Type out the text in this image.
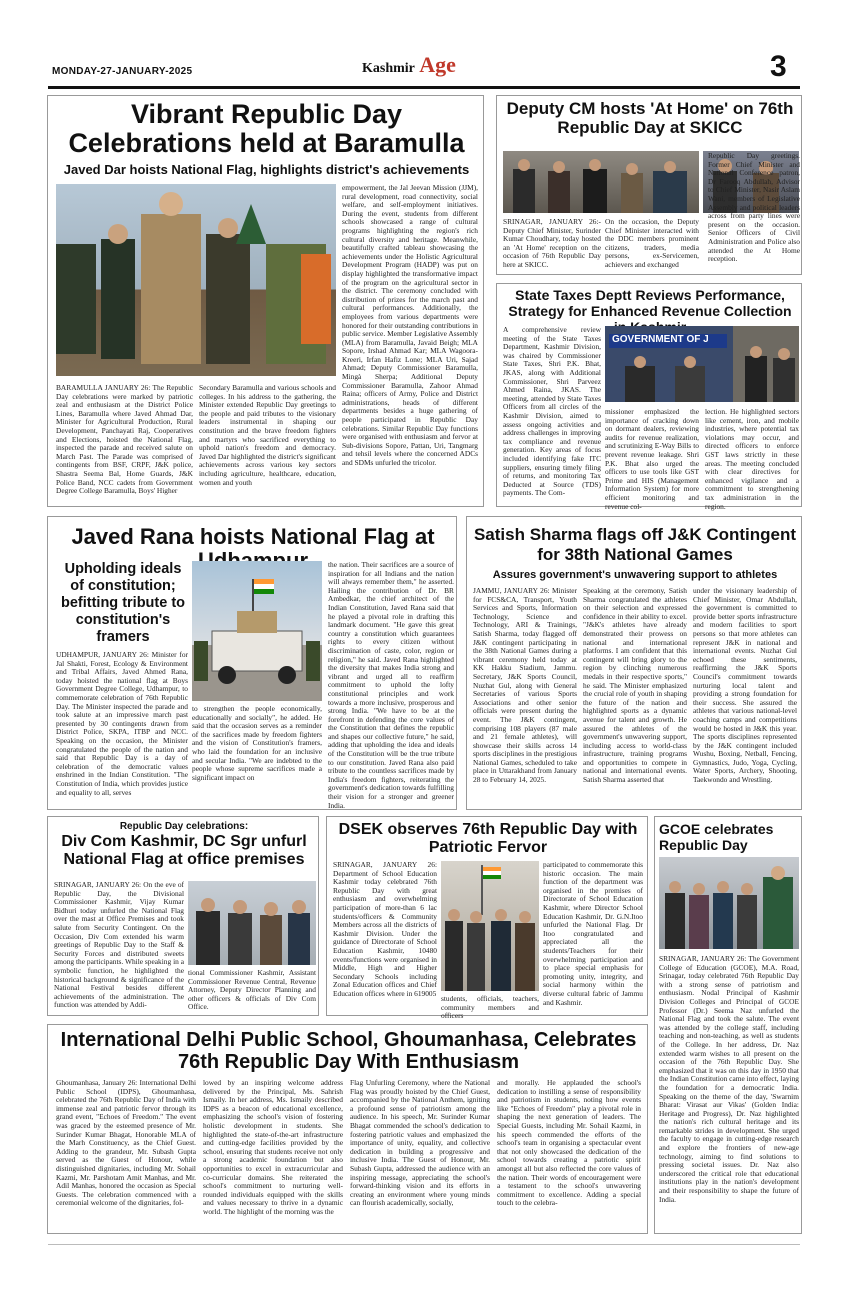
MONDAY-27-JANUARY-2025	Kashmir Age	3
Vibrant Republic Day Celebrations held at Baramulla
Javed Dar hoists National Flag, highlights district's achievements
BARAMULLA JANUARY 26: The Republic Day celebrations were marked by patriotic zeal and enthusiasm at the District Police Lines, Baramulla where Javed Ahmad Dar, Minister for Agricultural Production, Rural Development, Panchayati Raj, Cooperatives and Elections, hoisted the National Flag, inspected the parade and received salute on March Past. The Parade was comprised of contingents from BSF, CRPF, J&K police, Shastra Seema Bal, Home Guards, J&K Police Band, NCC cadets from Government Degree College Baramulla, Boys' Higher
Secondary Baramulla and various schools and colleges. In his address to the gathering, the Minister extended Republic Day greetings to the people and paid tributes to the visionary leaders instrumental in shaping our constitution and the brave freedom fighters and martyrs who sacrificed everything to uphold nation's freedom and democracy. Javed Dar highlighted the district's significant achievements across various key sectors including agriculture, healthcare, education, women and youth
empowerment, the Jal Jeevan Mission (JJM), rural development, road connectivity, social welfare, and self-employment initiatives. During the event, students from different schools showcased a range of cultural programs highlighting the region's rich cultural diversity and heritage. Meanwhile, beautifully crafted tableau showcasing the achievements under the Holistic Agricultural Development Program (HADP) was put on display highlighted the transformative impact of the program on the agricultural sector in the district. The ceremony concluded with distribution of prizes for the march past and cultural performances. Additionally, the employees from various departments were honored for their outstanding contributions in public service. Member Legislative Assembly (MLA) from Baramulla, Javaid Beigh; MLA Sopore, Irshad Ahmad Kar; MLA Wagoora-Kreeri, Irfan Hafiz Lone; MLA Uri, Sajad Ahmad; Deputy Commissioner Baramulla, Mingà Sherpa; Additional Deputy Commissioner Baramulla, Zahoor Ahmad Raina; officers of Army, Police and District administrations, heads of different departments besides a huge gathering of people participated in Republic Day celebrations. Similar Republic Day functions were organised with enthusiasm and fervor at Sub-divisions Sopore, Pattan, Uri, Tangmarg and tehsil levels where the concerned ADCs and SDMs unfurled the tricolor.
Deputy CM hosts 'At Home' on 76th Republic Day at SKICC
SRINAGAR, JANUARY 26:- Deputy Chief Minister, Surinder Kumar Choudhary, today hosted an 'At Home' reception on the occasion of 76th Republic Day here at SKICC.
On the occasion, the Deputy Chief Minister interacted with the DDC members prominent citizens, traders, media persons, ex-Servicemen, achievers and exchanged
Republic Day greetings. Former Chief Minister and National Conference patron, Dr Farooq Abdullah, Advisor to Chief Minister, Nasir Aslam Wani, members of Legislative Assembly and political leaders across from party lines were present on the occasion. Senior Officers of Civil Administration and Police also attended the At Home reception.
State Taxes Deptt Reviews Performance, Strategy for Enhanced Revenue Collection
A comprehensive review meeting of the State Taxes Department, Kashmir Division, was chaired by Commissioner State Taxes, Shri P.K. Bhat, JKAS, along with Additional Commissioner, Shri Parveez Ahmed Raina, JKAS. The meeting, attended by State Taxes Officers from all circles of the Kashmir Division, aimed to assess ongoing activities and address challenges in improving tax compliance and revenue generation. Key areas of focus included identifying fake ITC suppliers, ensuring timely filing of returns, and monitoring Tax Deducted at Source (TDS) payments. The Com-
GOVERNMENT OF J
missioner emphasized the importance of cracking down on dormant dealers, reviewing audits for revenue realization, and scrutinizing E-Way Bills to prevent revenue leakage. Shri P.K. Bhat also urged the officers to use tools like GST Prime and HIS (Management Information System) for more efficient monitoring and revenue col-
lection. He highlighted sectors like cement, iron, and mobile industries, where potential tax violations may occur, and directed officers to enforce GST laws strictly in these areas. The meeting concluded with clear directives for enhanced vigilance and a commitment to strengthening tax administration in the region.
Javed Rana hoists National Flag at
Upholding ideals of constitution; befitting tribute to constitution's framers
UDHAMPUR, JANUARY 26: Minister for Jal Shakti, Forest, Ecology & Environment and Tribal Affairs, Javed Ahmed Rana, today hoisted the national flag at Boys Government Degree College, Udhampur, to commemorate celebration of 76th Republic Day. The Minister inspected the parade and took salute at an impressive march past presented by 30 contingents drawn from District Police, SKPA, ITBP and NCC. Speaking on the occasion, the Minister congratulated the people of the nation and said that Republic Day is a day of celebration of the democratic values enshrined in the Indian Constitution. "The Constitution of India, which provides justice and equality to all, serves
to strengthen the people economically, educationally and socially", he added. He said that the occasion serves as a reminder of the sacrifices made by freedom fighters and the vision of Constitution's framers, who laid the foundation for an inclusive and secular India. "We are indebted to the people whose supreme sacrifices made a significant impact on
the nation. Their sacrifices are a source of inspiration for all Indians and the nation will always remember them," he asserted. Hailing the contribution of Dr. BR Ambedkar, the chief architect of the Indian Constitution, Javed Rana said that he played a pivotal role in drafting this landmark document. "He gave this great country a constitution which guarantees rights to every citizen without discrimination of caste, color, region or religion," he said. Javed Rana highlighted the diversity that makes India strong and vibrant and urged all to reaffirm commitment to uphold the lofty constitutional principles and work towards a more inclusive, prosperous and strong India. "We have to be at the forefront in defending the core values of the Constitution that defines the republic and shapes our collective future," he said, adding that upholding the idea and ideals of the Constitution will be the true tribute to our constitution. Javed Rana also paid tribute to the countless sacrifices made by India's freedom fighters, reiterating the government's dedication towards fulfilling their vision for a stronger and greener India.
Satish Sharma flags off J&K Contingent for 38th National Games
Assures government's unwavering support to athletes
JAMMU, JANUARY 26: Minister for FCS&CA, Transport, Youth Services and Sports, Information Technology, Science and Technology, ARI & Trainings, Satish Sharma, today flagged off J&K contingent participating in the 38th National Games during a vibrant ceremony held today at KK Hakku Stadium, Jammu. Secretary, J&K Sports Council, Nuzhat Gul, along with General Secretaries of various Sports Associations and other senior officials were present during the event. The J&K contingent, comprising 108 players (87 male and 21 female athletes), will showcase their skills across 14 sports disciplines in the prestigious National Games, scheduled to take place in Uttarakhand from January 28 to February 14, 2025.
Speaking at the ceremony, Satish Sharma congratulated the athletes on their selection and expressed confidence in their ability to excel. "J&K's athletes have already demonstrated their prowess on national and international platforms. I am confident that this contingent will bring glory to the region by clinching numerous medals in their respective sports," he said. The Minister emphasized the crucial role of youth in shaping the future of the nation and highlighted sports as a dynamic avenue for talent and growth. He assured the athletes of the government's unwavering support, including access to world-class infrastructure, training programs and opportunities to compete in national and international events. Satish Sharma asserted that
under the visionary leadership of Chief Minister, Omar Abdullah, the government is committed to provide better sports infrastructure and modern facilities to sport persons so that more athletes can represent J&K in national and international events. Nuzhat Gul echoed these sentiments, reaffirming the J&K Sports Council's commitment towards nurturing local talent and providing a strong foundation for their success. She assured the athletes that various national-level coaching camps and competitions would be hosted in J&K this year. The sports disciplines represented by the J&K contingent included Wushu, Boxing, Netball, Fencing, Gymnastics, Judo, Yoga, Cycling, Water Sports, Archery, Shooting, Taekwondo and Wrestling.
Republic Day celebrations:
Div Com Kashmir, DC Sgr unfurl National Flag at office premises
SRINAGAR, JANUARY 26: On the eve of Republic Day, the Divisional Commissioner Kashmir, Vijay Kumar Bidhuri today unfurled the National Flag over the mast at Office Premises and took salute from Security Contingent. On the Occasion, Div Com extended his warm greetings of Republic Day to the Staff & Security Forces and distributed sweets among the participants. While speaking in a symbolic function, he highlighted the historical background & significance of the National Festival besides different achievements of the administration. The function was attended by Addi-
tional Commissioner Kashmir, Assistant Commissioner Revenue Central, Revenue Attorney, Deputy Director Planning and other officers & officials of Div Com Office.
DSEK observes 76th Republic Day with Patriotic Fervor
SRINAGAR, JANUARY 26: Department of School Education Kashmir today celebrated 76th Republic Day with great enthusiasm and overwhelming participation of more-than 6 lac students/officers & Community Members across all the districts of Kashmir Division. Under the guidance of Directorate of School Education Kashmir, 10480 events/functions were organised in Middle, High and Higher Secondary Schools including Zonal Education offices and Chief Education offices where in 619005
students, officials, teachers, community members and officers
participated to commemorate this historic occasion. The main function of the department was organised in the premises of Directorate of School Education Kashmir, where Director School Education Kashmir, Dr. G.N.Itoo unfurled the National Flag. Dr Itoo congratulated and appreciated all the students/Teachers for their overwhelming participation and to place special emphasis for promoting unity, integrity, and social harmony within the diverse cultural fabric of Jammu and Kashmir.
GCOE celebrates Republic Day
SRINAGAR, JANUARY 26: The Government College of Education (GCOE), M.A. Road, Srinagar, today celebrated 76th Republic Day with a strong sense of patriotism and enthusiasm. Nodal Principal of Kashmir Division Colleges and Principal of GCOE Professor (Dr.) Seema Naz unfurled the National Flag and took the salute. The event was attended by the college staff, including teaching and non-teaching, as well as students of the College. In her address, Dr. Naz extended warm wishes to all present on the occasion of the 76th Republic Day. She emphasized that it was on this day in 1950 that the Indian Constitution came into effect, laying the foundation for a democratic India. Speaking on the theme of the day, 'Swarnim Bharat: Virasat aur Vikas' (Golden India: Heritage and Progress), Dr. Naz highlighted the nation's rich cultural heritage and its remarkable strides in development. She urged the faculty to engage in cutting-edge research and explore the frontiers of new-age technology, aiming to find solutions to pressing societal issues. Dr. Naz also underscored the critical role that educational institutions play in the nation's development and their responsibility to shape the future of India.
International Delhi Public School, Ghoumanhasa, Celebrates 76th Republic Day With Enthusiasm
Ghoumanhasa, January 26: International Delhi Public School (IDPS), Ghoumanhasa, celebrated the 76th Republic Day of India with immense zeal and patriotic fervor through its grand event, "Echoes of Freedom." The event was graced by the esteemed presence of Mr. Surinder Kumar Bhagat, Honorable MLA of the Marh Constituency, as the Chief Guest. Adding to the grandeur, Mr. Subash Gupta served as the Guest of Honour, while distinguished dignitaries, including Mr. Sohail Kazmi, Mr. Parshotam Amit Manhas, and Mr. Adil Manhas, honored the occasion as Special Guests. The celebration commenced with a ceremonial welcome of the dignitaries, fol-
lowed by an inspiring welcome address delivered by the Principal, Ms. Sahrish Ismaily. In her address, Ms. Ismaily described IDPS as a beacon of educational excellence, emphasizing the school's vision of fostering holistic development in students. She highlighted the state-of-the-art infrastructure and cutting-edge facilities provided by the school, ensuring that students receive not only a strong academic foundation but also opportunities to excel in extracurricular and co-curricular domains. She reiterated the school's commitment to nurturing well-rounded individuals equipped with the skills and values necessary to thrive in a dynamic world. The highlight of the morning was the
Flag Unfurling Ceremony, where the National Flag was proudly hoisted by the Chief Guest, accompanied by the National Anthem, igniting a profound sense of patriotism among the audience. In his speech, Mr. Surinder Kumar Bhagat commended the school's dedication to fostering patriotic values and emphasized the importance of unity, equality, and collective dedication in building a progressive and inclusive India. The Guest of Honour, Mr. Subash Gupta, addressed the audience with an inspiring message, appreciating the school's forward-thinking vision and its efforts in creating an environment where young minds can flourish academically, socially,
and morally. He applauded the school's dedication to instilling a sense of responsibility and patriotism in students, noting how events like "Echoes of Freedom" play a pivotal role in shaping the next generation of leaders. The Special Guests, including Mr. Sohail Kazmi, in his speech commended the efforts of the school's team in organising a spectacular event that not only showcased the dedication of the school towards creating a patriotic spirit amongst all but also reflected the core values of the nation. Their words of encouragement were a testament to the school's unwavering commitment to excellence. Adding a special touch to the celebra-
